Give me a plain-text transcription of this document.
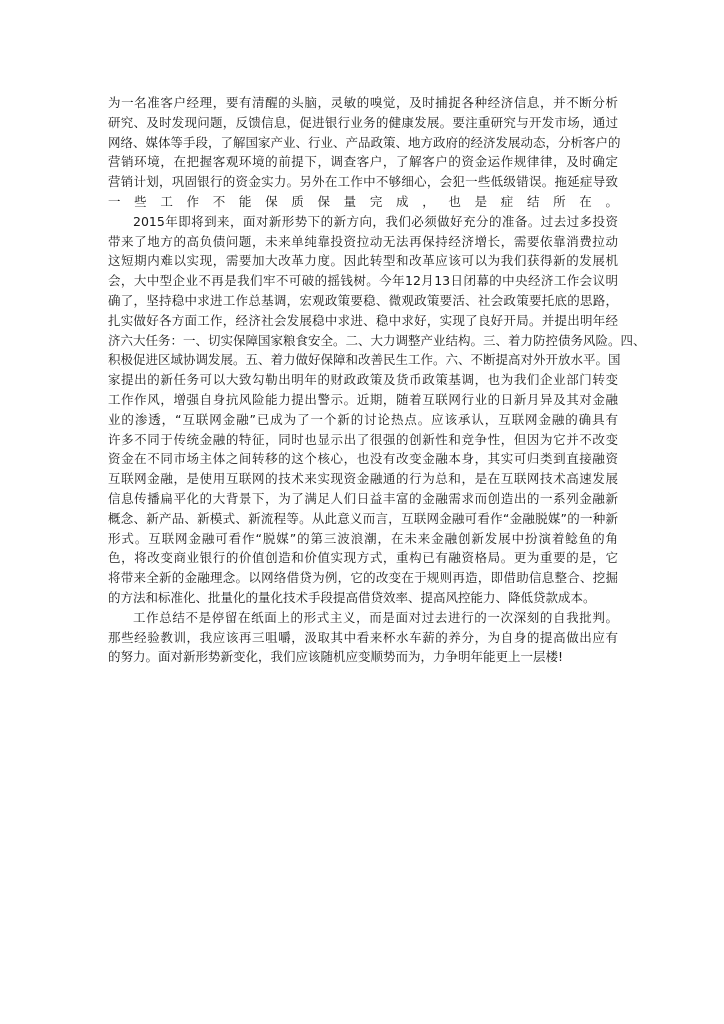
为一名准客户经理，要有清醒的头脑，灵敏的嗅觉，及时捕捉各种经济信息，并不断分析
研究、及时发现问题，反馈信息，促进银行业务的健康发展。要注重研究与开发市场，通过
网络、媒体等手段，了解国家产业、行业、产品政策、地方政府的经济发展动态，分析客户的
营销环境，在把握客观环境的前提下，调查客户，了解客户的资金运作规律律，及时确定
营销计划，巩固银行的资金实力。另外在工作中不够细心，会犯一些低级错误。拖延症导致
一 些 工 作 不 能 保 质 保 量 完 成 ， 也 是 症 结 所 在 。
2015年即将到来，面对新形势下的新方向，我们必须做好充分的准备。过去过多投资
带来了地方的高负债问题，未来单纯靠投资拉动无法再保持经济增长，需要依靠消费拉动
这短期内难以实现，需要加大改革力度。因此转型和改革应该可以为我们获得新的发展机
会，大中型企业不再是我们牢不可破的摇钱树。今年12月13日闭幕的中央经济工作会议明
确了，坚持稳中求进工作总基调，宏观政策要稳、微观政策要活、社会政策要托底的思路，
扎实做好各方面工作，经济社会发展稳中求进、稳中求好，实现了良好开局。并提出明年经
济六大任务：一、切实保障国家粮食安全。二、大力调整产业结构。三、着力防控债务风险。四、
积极促进区域协调发展。五、着力做好保障和改善民生工作。六、不断提高对外开放水平。国
家提出的新任务可以大致勾勒出明年的财政政策及货币政策基调，也为我们企业部门转变
工作作风，增强自身抗风险能力提出警示。近期，随着互联网行业的日新月异及其对金融
业的渗透，“互联网金融”已成为了一个新的讨论热点。应该承认，互联网金融的确具有
许多不同于传统金融的特征，同时也显示出了很强的创新性和竞争性，但因为它并不改变
资金在不同市场主体之间转移的这个核心，也没有改变金融本身，其实可归类到直接融资
互联网金融，是使用互联网的技术来实现资金融通的行为总和，是在互联网技术高速发展
信息传播扁平化的大背景下，为了满足人们日益丰富的金融需求而创造出的一系列金融新
概念、新产品、新模式、新流程等。从此意义而言，互联网金融可看作“金融脱媒”的一种新
形式。互联网金融可看作“脱媒”的第三波浪潮，在未来金融创新发展中扮演着鲶鱼的角
色，将改变商业银行的价值创造和价值实现方式，重构已有融资格局。更为重要的是，它
将带来全新的金融理念。以网络借贷为例，它的改变在于规则再造，即借助信息整合、挖掘
的方法和标准化、批量化的量化技术手段提高借贷效率、提高风控能力、降低贷款成本。
工作总结不是停留在纸面上的形式主义，而是面对过去进行的一次深刻的自我批判。
那些经验教训，我应该再三咀嚼，汲取其中看来杯水车薪的养分，为自身的提高做出应有
的努力。面对新形势新变化，我们应该随机应变顺势而为，力争明年能更上一层楼!
